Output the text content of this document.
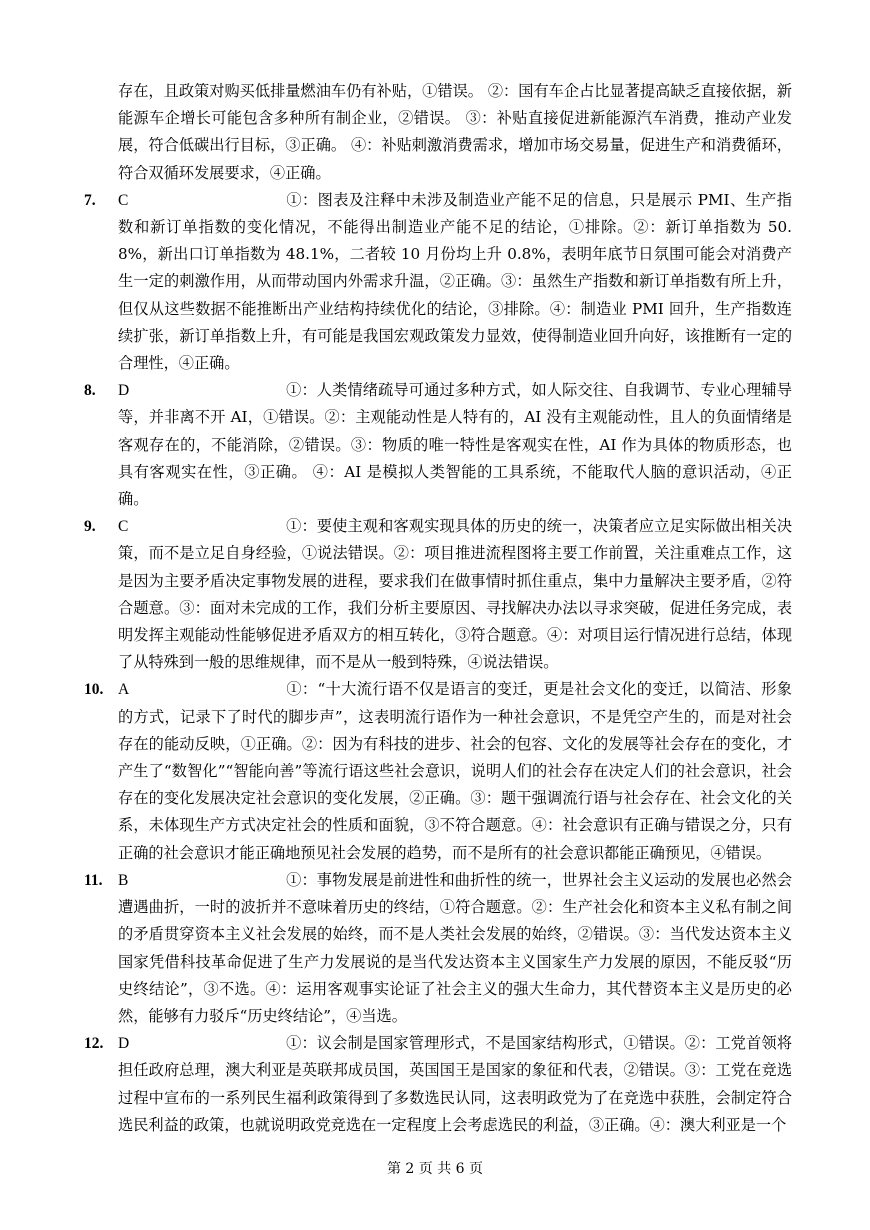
存在，且政策对购买低排量燃油车仍有补贴，①错误。 ②：国有车企占比显著提高缺乏直接依据，新能源车企增长可能包含多种所有制企业，②错误。 ③：补贴直接促进新能源汽车消费，推动产业发展，符合低碳出行目标，③正确。 ④：补贴刺激消费需求，增加市场交易量，促进生产和消费循环，符合双循环发展要求，④正确。

7.	C	①：图表及注释中未涉及制造业产能不足的信息，只是展示 PMI、生产指数和新订单指数的变化情况，不能得出制造业产能不足的结论，①排除。②：新订单指数为 50.8%，新出口订单指数为 48.1%，二者较 10 月份均上升 0.8%，表明年底节日氛围可能会对消费产生一定的刺激作用，从而带动国内外需求升温，②正确。③：虽然生产指数和新订单指数有所上升，但仅从这些数据不能推断出产业结构持续优化的结论，③排除。④：制造业 PMI 回升，生产指数连续扩张，新订单指数上升，有可能是我国宏观政策发力显效，使得制造业回升向好，该推断有一定的合理性，④正确。

8.	D	①：人类情绪疏导可通过多种方式，如人际交往、自我调节、专业心理辅导等，并非离不开 AI，①错误。②：主观能动性是人特有的，AI 没有主观能动性，且人的负面情绪是客观存在的，不能消除，②错误。③：物质的唯一特性是客观实在性，AI 作为具体的物质形态，也具有客观实在性，③正确。 ④：AI 是模拟人类智能的工具系统，不能取代人脑的意识活动，④正确。

9.	C	①：要使主观和客观实现具体的历史的统一，决策者应立足实际做出相关决策，而不是立足自身经验，①说法错误。②：项目推进流程图将主要工作前置，关注重难点工作，这是因为主要矛盾决定事物发展的进程，要求我们在做事情时抓住重点，集中力量解决主要矛盾，②符合题意。③：面对未完成的工作，我们分析主要原因、寻找解决办法以寻求突破，促进任务完成，表明发挥主观能动性能够促进矛盾双方的相互转化，③符合题意。④：对项目运行情况进行总结，体现了从特殊到一般的思维规律，而不是从一般到特殊，④说法错误。

10. A	①：“十大流行语不仅是语言的变迁，更是社会文化的变迁，以简洁、形象的方式，记录下了时代的脚步声”，这表明流行语作为一种社会意识，不是凭空产生的，而是对社会存在的能动反映，①正确。②：因为有科技的进步、社会的包容、文化的发展等社会存在的变化，才产生了“数智化”“智能向善”等流行语这些社会意识，说明人们的社会存在决定人们的社会意识，社会存在的变化发展决定社会意识的变化发展，②正确。③：题干强调流行语与社会存在、社会文化的关系，未体现生产方式决定社会的性质和面貌，③不符合题意。④：社会意识有正确与错误之分，只有正确的社会意识才能正确地预见社会发展的趋势，而不是所有的社会意识都能正确预见，④错误。

11. B	①：事物发展是前进性和曲折性的统一，世界社会主义运动的发展也必然会遭遇曲折，一时的波折并不意味着历史的终结，①符合题意。②：生产社会化和资本主义私有制之间的矛盾贯穿资本主义社会发展的始终，而不是人类社会发展的始终，②错误。③：当代发达资本主义国家凭借科技革命促进了生产力发展说的是当代发达资本主义国家生产力发展的原因，不能反驳“历史终结论”，③不选。④：运用客观事实论证了社会主义的强大生命力，其代替资本主义是历史的必然，能够有力驳斥“历史终结论”，④当选。

12. D	①：议会制是国家管理形式，不是国家结构形式，①错误。②：工党首领将担任政府总理，澳大利亚是英联邦成员国，英国国王是国家的象征和代表，②错误。③：工党在竞选过程中宣布的一系列民生福利政策得到了多数选民认同，这表明政党为了在竞选中获胜，会制定符合选民利益的政策，也就说明政党竞选在一定程度上会考虑选民的利益，③正确。④：澳大利亚是一个

第 2 页 共 6 页
